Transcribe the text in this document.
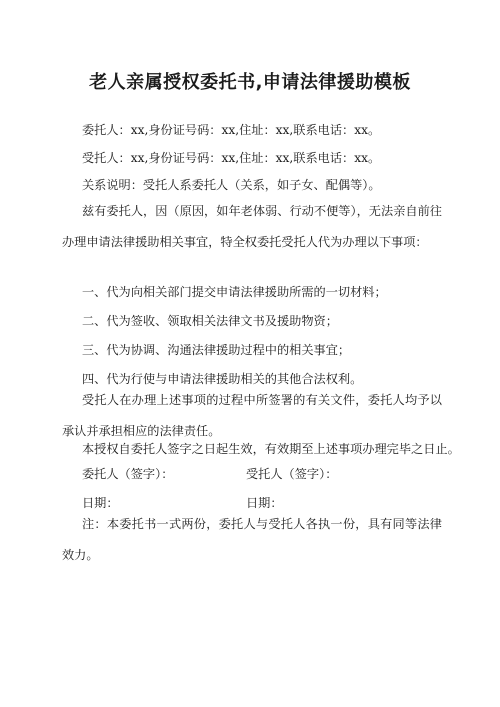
老人亲属授权委托书,申请法律援助模板
委托人：xx,身份证号码：xx,住址：xx,联系电话：xx。
受托人：xx,身份证号码：xx,住址：xx,联系电话：xx。
关系说明：受托人系委托人（关系，如子女、配偶等）。
兹有委托人，因（原因，如年老体弱、行动不便等），无法亲自前往办理申请法律援助相关事宜，特全权委托受托人代为办理以下事项：
一、代为向相关部门提交申请法律援助所需的一切材料；
二、代为签收、领取相关法律文书及援助物资；
三、代为协调、沟通法律援助过程中的相关事宜；
四、代为行使与申请法律援助相关的其他合法权利。
受托人在办理上述事项的过程中所签署的有关文件，委托人均予以承认并承担相应的法律责任。
本授权自委托人签字之日起生效，有效期至上述事项办理完毕之日止。
委托人（签字）：	受托人（签字）：
日期：	日期：
注：本委托书一式两份，委托人与受托人各执一份，具有同等法律效力。
